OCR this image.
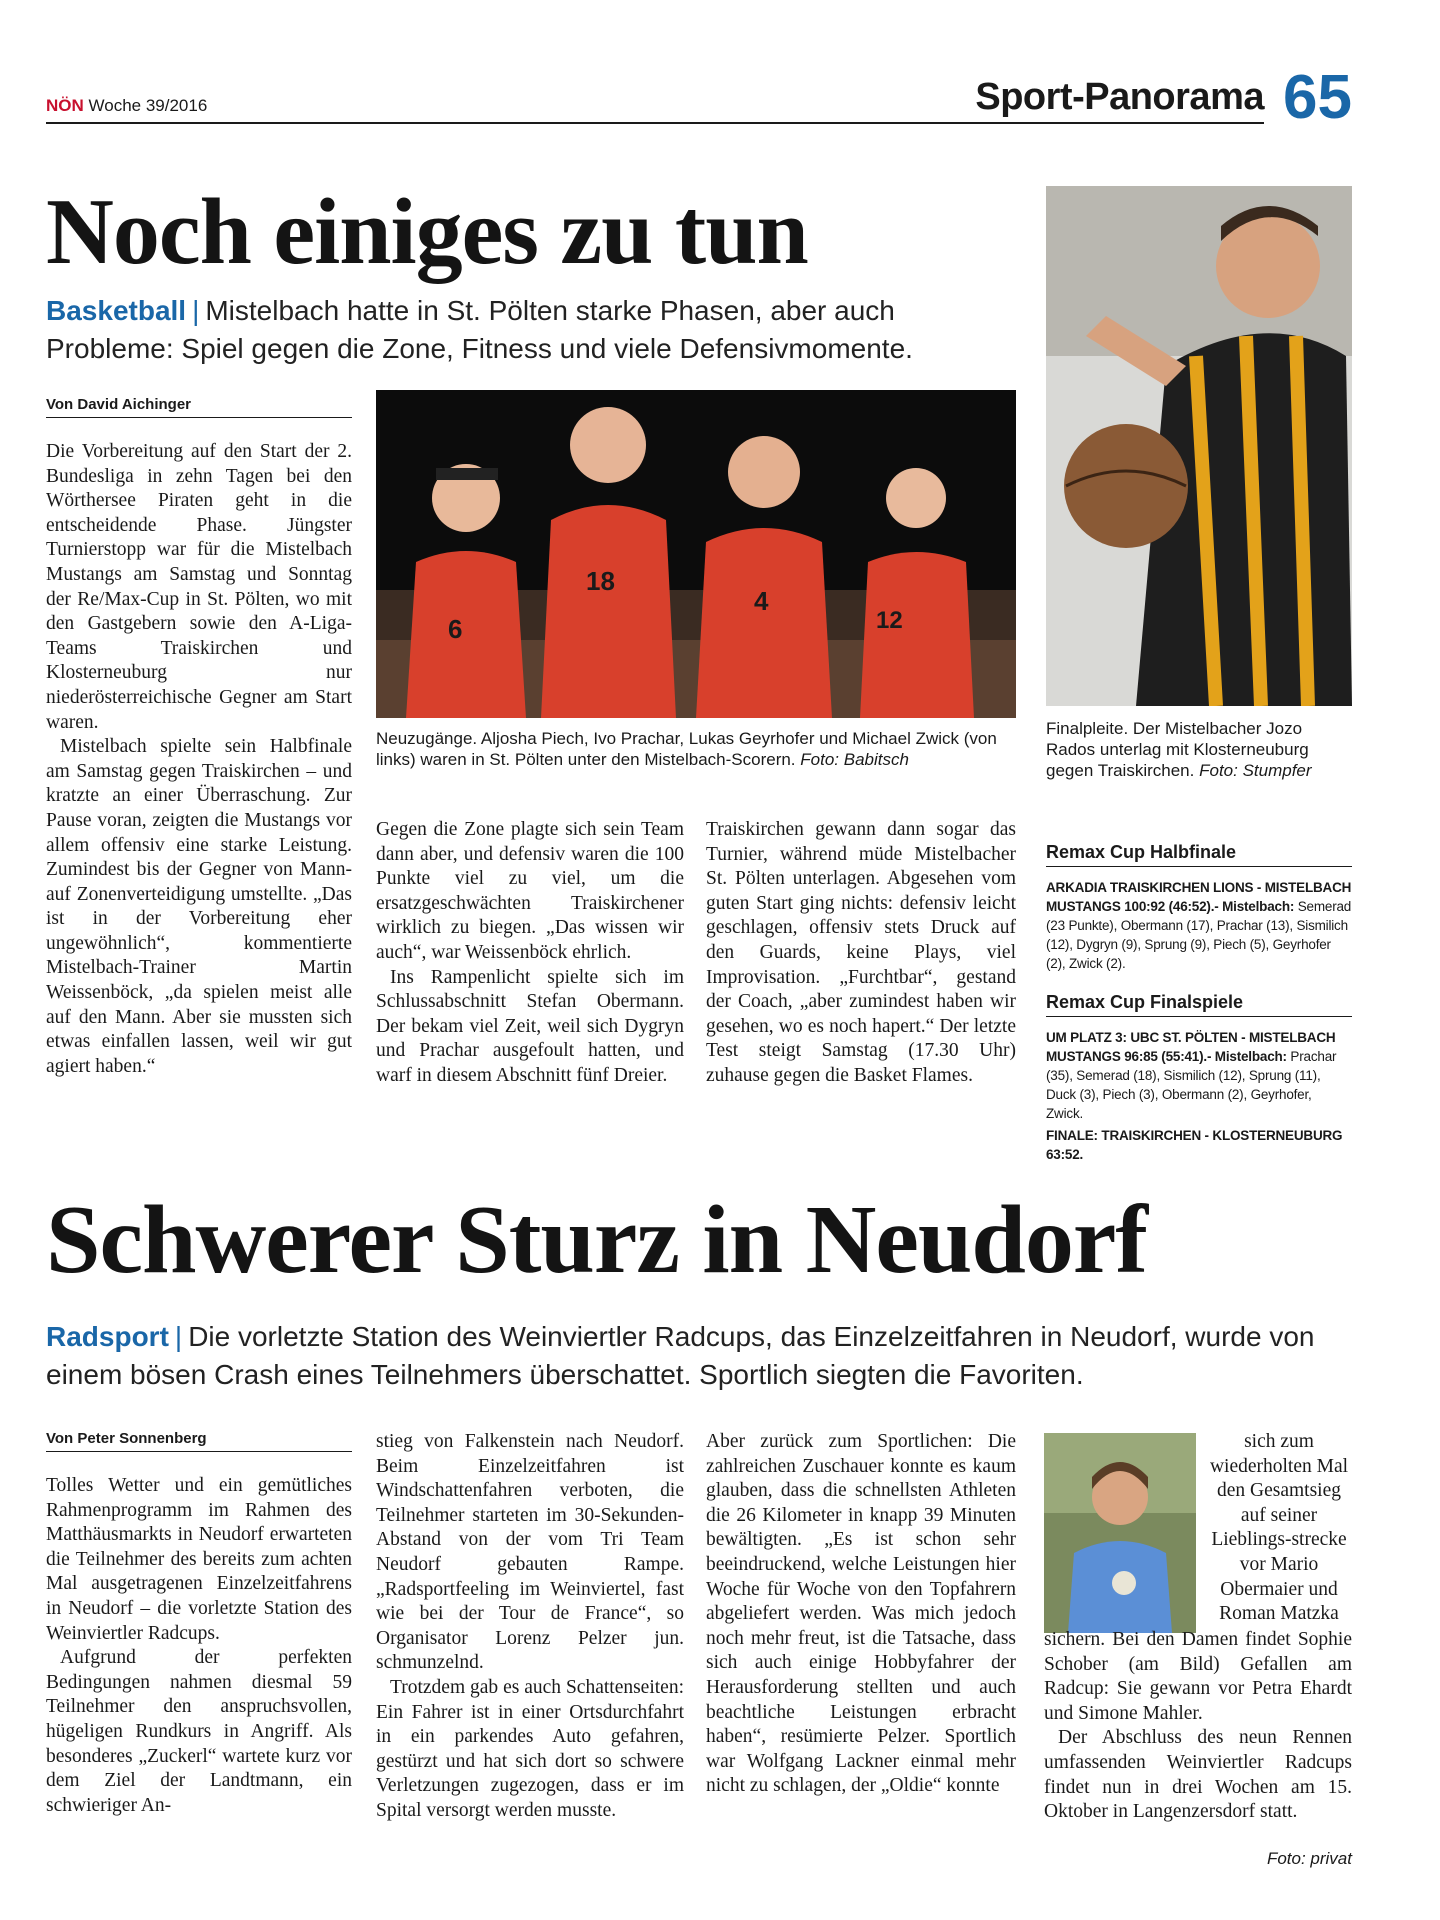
NÖN Woche 39/2016	Sport-Panorama 65
Noch einiges zu tun
Basketball | Mistelbach hatte in St. Pölten starke Phasen, aber auch Probleme: Spiel gegen die Zone, Fitness und viele Defensivmomente.
Von David Aichinger

Die Vorbereitung auf den Start der 2. Bundesliga in zehn Tagen bei den Wörthersee Piraten geht in die entscheidende Phase. Jüngster Turnierstopp war für die Mistelbach Mustangs am Samstag und Sonntag der Re/Max-Cup in St. Pölten, wo mit den Gastgebern sowie den A-Liga-Teams Traiskirchen und Klosterneuburg nur niederösterreichische Gegner am Start waren.

Mistelbach spielte sein Halbfinale am Samstag gegen Traiskirchen – und kratzte an einer Überraschung. Zur Pause voran, zeigten die Mustangs vor allem offensiv eine starke Leistung. Zumindest bis der Gegner von Mann- auf Zonenverteidigung umstellte. „Das ist in der Vorbereitung eher ungewöhnlich“, kommentierte Mistelbach-Trainer Martin Weissenböck, „da spielen meist alle auf den Mann. Aber sie mussten sich etwas einfallen lassen, weil wir gut agiert haben.“

6
18
4
12
Neuzugänge. Aljosha Piech, Ivo Prachar, Lukas Geyrhofer und Michael Zwick (von links) waren in St. Pölten unter den Mistelbach-Scorern. Foto: Babitsch

Gegen die Zone plagte sich sein Team dann aber, und defensiv waren die 100 Punkte viel zu viel, um die ersatzgeschwächten Traiskirchener wirklich zu biegen. „Das wissen wir auch“, war Weissenböck ehrlich.

Ins Rampenlicht spielte sich im Schlussabschnitt Stefan Obermann. Der bekam viel Zeit, weil sich Dygryn und Prachar ausgefoult hatten, und warf in diesem Abschnitt fünf Dreier.

Traiskirchen gewann dann sogar das Turnier, während müde Mistelbacher St. Pölten unterlagen. Abgesehen vom guten Start ging nichts: defensiv leicht geschlagen, offensiv stets Druck auf den Guards, keine Plays, viel Improvisation. „Furchtbar“, gestand der Coach, „aber zumindest haben wir gesehen, wo es noch hapert.“ Der letzte Test steigt Samstag (17.30 Uhr) zuhause gegen die Basket Flames.

Finalpleite. Der Mistelbacher Jozo Rados unterlag mit Klosterneuburg gegen Traiskirchen. Foto: Stumpfer
Remax Cup Halbfinale
ARKADIA TRAISKIRCHEN LIONS - MISTELBACH MUSTANGS 100:92 (46:52).- Mistelbach: Semerad (23 Punkte), Obermann (17), Prachar (13), Sismilich (12), Dygryn (9), Sprung (9), Piech (5), Geyrhofer (2), Zwick (2).
Remax Cup Finalspiele
UM PLATZ 3: UBC ST. PÖLTEN - MISTELBACH MUSTANGS 96:85 (55:41).- Mistelbach: Prachar (35), Semerad (18), Sismilich (12), Sprung (11), Duck (3), Piech (3), Obermann (2), Geyrhofer, Zwick.
FINALE: TRAISKIRCHEN - KLOSTERNEUBURG 63:52.
Schwerer Sturz in Neudorf
Radsport | Die vorletzte Station des Weinviertler Radcups, das Einzelzeitfahren in Neudorf, wurde von einem bösen Crash eines Teilnehmers überschattet. Sportlich siegten die Favoriten.
Von Peter Sonnenberg

Tolles Wetter und ein gemütliches Rahmenprogramm im Rahmen des Matthäusmarkts in Neudorf erwarteten die Teilnehmer des bereits zum achten Mal ausgetragenen Einzelzeitfahrens in Neudorf – die vorletzte Station des Weinviertler Radcups.

Aufgrund der perfekten Bedingungen nahmen diesmal 59 Teilnehmer den anspruchsvollen, hügeligen Rundkurs in Angriff. Als besonderes „Zuckerl“ wartete kurz vor dem Ziel der Landtmann, ein schwieriger An-

stieg von Falkenstein nach Neudorf. Beim Einzelzeitfahren ist Windschattenfahren verboten, die Teilnehmer starteten im 30-Sekunden-Abstand von der vom Tri Team Neudorf gebauten Rampe. „Radsportfeeling im Weinviertel, fast wie bei der Tour de France“, so Organisator Lorenz Pelzer jun. schmunzelnd.

Trotzdem gab es auch Schattenseiten: Ein Fahrer ist in einer Ortsdurchfahrt in ein parkendes Auto gefahren, gestürzt und hat sich dort so schwere Verletzungen zugezogen, dass er im Spital versorgt werden musste.

Aber zurück zum Sportlichen: Die zahlreichen Zuschauer konnte es kaum glauben, dass die schnellsten Athleten die 26 Kilometer in knapp 39 Minuten bewältigten. „Es ist schon sehr beeindruckend, welche Leistungen hier Woche für Woche von den Topfahrern abgeliefert werden. Was mich jedoch noch mehr freut, ist die Tatsache, dass sich auch einige Hobbyfahrer der Herausforderung stellten und auch beachtliche Leistungen erbracht haben“, resümierte Pelzer. Sportlich war Wolfgang Lackner einmal mehr nicht zu schlagen, der „Oldie“ konnte

sich zum wiederholten Mal den Gesamtsieg auf seiner Lieblings-strecke vor Mario Obermaier und Roman Matzka

sichern. Bei den Damen findet Sophie Schober (am Bild) Gefallen am Radcup: Sie gewann vor Petra Ehardt und Simone Mahler.

Der Abschluss des neun Rennen umfassenden Weinviertler Radcups findet nun in drei Wochen am 15. Oktober in Langenzersdorf statt.

Foto: privat
